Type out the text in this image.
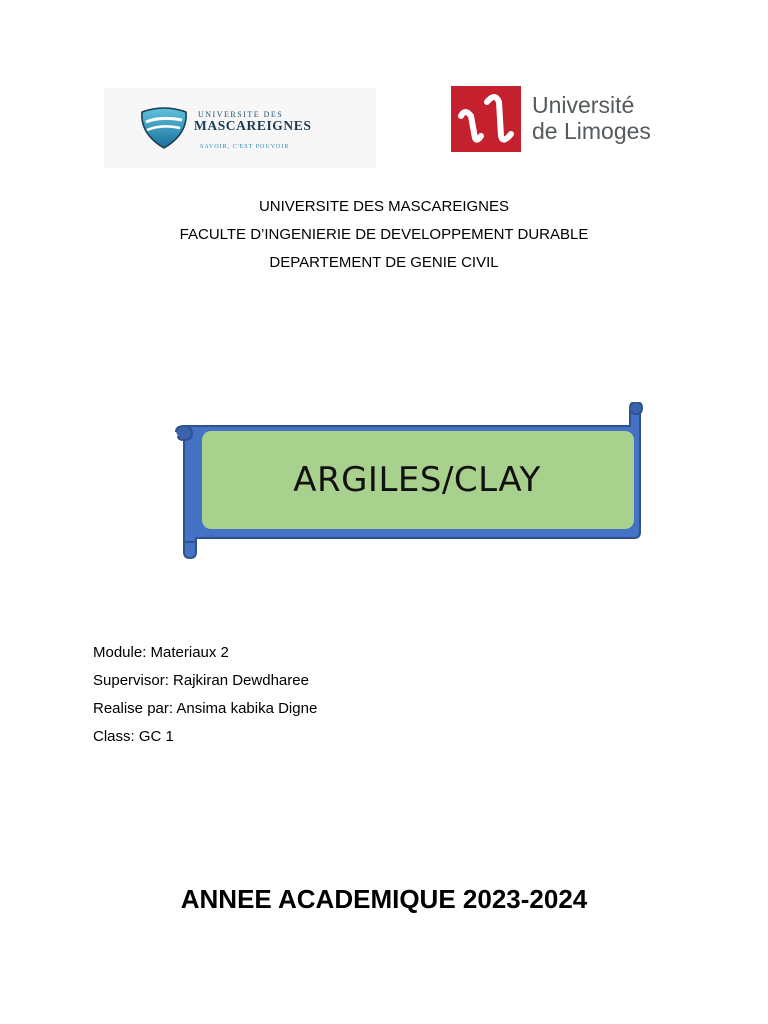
UNIVERSITE DES
MASCAREIGNES
SAVOIR, C'EST POUVOIR
Université
de Limoges
UNIVERSITE DES MASCAREIGNES
FACULTE D’INGENIERIE DE DEVELOPPEMENT DURABLE
DEPARTEMENT DE GENIE CIVIL
ARGILES/CLAY
Module: Materiaux 2
Supervisor: Rajkiran Dewdharee
Realise par: Ansima kabika Digne
Class: GC 1
ANNEE ACADEMIQUE 2023-2024
